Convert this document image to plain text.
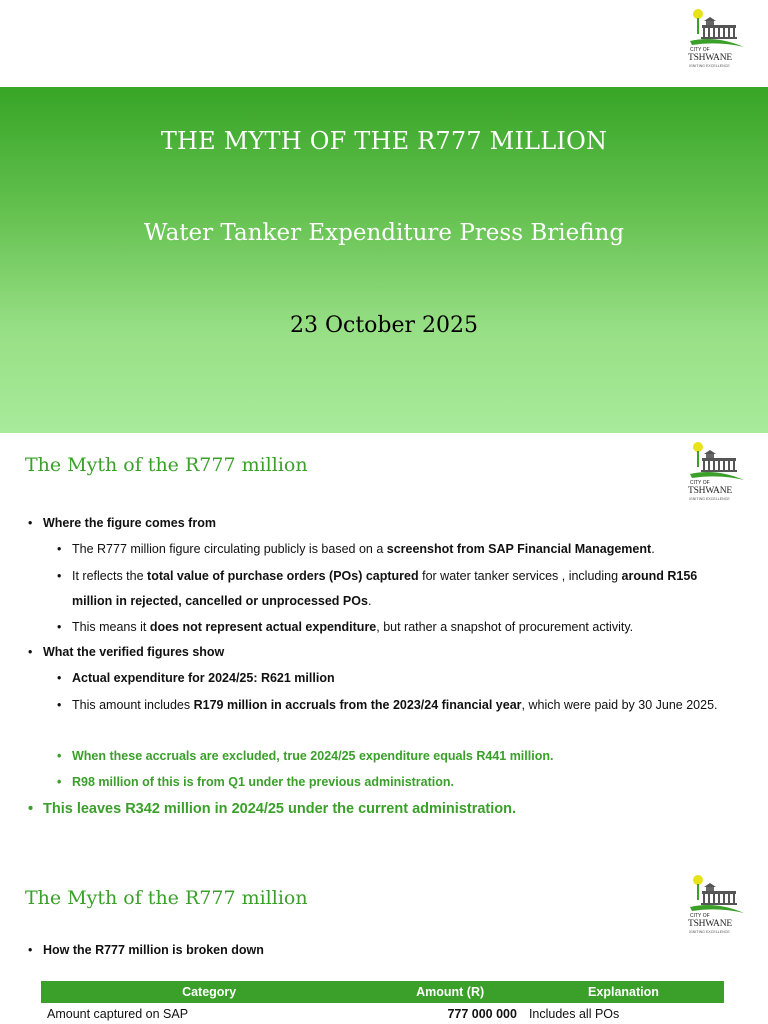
CITY OF
TSHWANE
IGNITING EXCELLENCE
THE MYTH OF THE R777 MILLION
Water Tanker Expenditure Press Briefing
23 October 2025
The Myth of the R777 million
CITY OF
TSHWANE
IGNITING EXCELLENCE
• Where the figure comes from
• The R777 million figure circulating publicly is based on a screenshot from SAP Financial Management.
• It reflects the total value of purchase orders (POs) captured for water tanker services , including around R156 million in rejected, cancelled or unprocessed POs.
• This means it does not represent actual expenditure, but rather a snapshot of procurement activity.
• What the verified figures show
• Actual expenditure for 2024/25: R621 million
• This amount includes R179 million in accruals from the 2023/24 financial year, which were paid by 30 June 2025.
• When these accruals are excluded, true 2024/25 expenditure equals R441 million.
• R98 million of this is from Q1 under the previous administration.
• This leaves R342 million in 2024/25 under the current administration.
The Myth of the R777 million
CITY OF
TSHWANE
IGNITING EXCELLENCE
• How the R777 million is broken down
Category	Amount (R)	Explanation
Amount captured on SAP	777 000 000	Includes all POs
